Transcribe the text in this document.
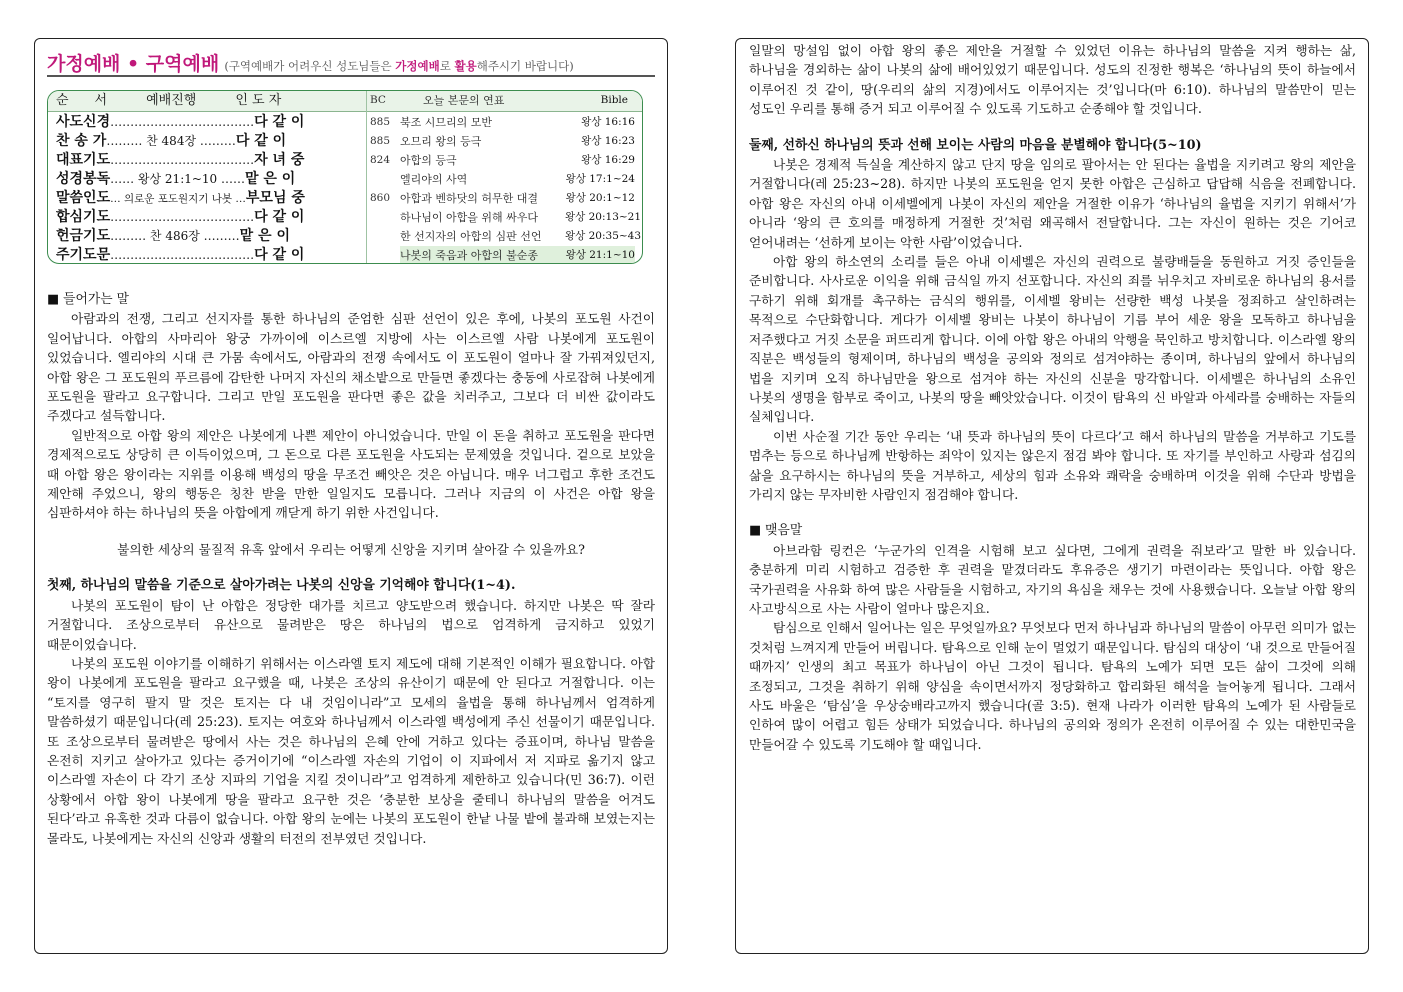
가정예배 • 구역예배 (구역예배가 어려우신 성도님들은 가정예배로 활용해주시기 바랍니다)
순　　서　　　예배진행　　　인 도 자	BC	오늘 본문의 연표	Bible
사도신경………………………………다 같 이	885 북조 시므리의 모반	왕상 16:16
찬 송 가……… 찬 484장 ………다 같 이	885 오므리 왕의 등극	왕상 16:23
대표기도………………………………자 녀 중	824 아합의 등극	왕상 16:29
성경봉독…… 왕상 21:1~10 ……맡 은 이	엘리야의 사역	왕상 17:1~24
말씀인도… 의로운 포도원지기 나봇 …부모님 중	860 아합과 벤하닷의 허무한 대결	왕상 20:1~12
합심기도………………………………다 같 이	하나님이 아합을 위해 싸우다	왕상 20:13~21
헌금기도……… 찬 486장 ………맡 은 이	한 선지자의 아합의 심판 선언	왕상 20:35~43
주기도문………………………………다 같 이	나봇의 죽음과 아합의 불순종	왕상 21:1~10
■ 들어가는 말

아람과의 전쟁, 그리고 선지자를 통한 하나님의 준엄한 심판 선언이 있은 후에, 나봇의 포도원 사건이 일어납니다. 아합의 사마리아 왕궁 가까이에 이스르엘 지방에 사는 이스르엘 사람 나봇에게 포도원이 있었습니다. 엘리야의 시대 큰 가뭄 속에서도, 아람과의 전쟁 속에서도 이 포도원이 얼마나 잘 가꿔져있던지, 아합 왕은 그 포도원의 푸르름에 감탄한 나머지 자신의 채소밭으로 만들면 좋겠다는 충동에 사로잡혀 나봇에게 포도원을 팔라고 요구합니다. 그리고 만일 포도원을 판다면 좋은 값을 치러주고, 그보다 더 비싼 값이라도 주겠다고 설득합니다.

일반적으로 아합 왕의 제안은 나봇에게 나쁜 제안이 아니었습니다. 만일 이 돈을 취하고 포도원을 판다면 경제적으로도 상당히 큰 이득이었으며, 그 돈으로 다른 포도원을 사도되는 문제였을 것입니다. 겉으로 보았을 때 아합 왕은 왕이라는 지위를 이용해 백성의 땅을 무조건 빼앗은 것은 아닙니다. 매우 너그럽고 후한 조건도 제안해 주었으니, 왕의 행동은 칭찬 받을 만한 일일지도 모릅니다. 그러나 지금의 이 사건은 아합 왕을 심판하셔야 하는 하나님의 뜻을 아합에게 깨닫게 하기 위한 사건입니다.

불의한 세상의 물질적 유혹 앞에서 우리는 어떻게 신앙을 지키며 살아갈 수 있을까요?

첫째, 하나님의 말씀을 기준으로 살아가려는 나봇의 신앙을 기억해야 합니다(1~4).

나봇의 포도원이 탐이 난 아합은 정당한 대가를 치르고 양도받으려 했습니다. 하지만 나봇은 딱 잘라 거절합니다. 조상으로부터 유산으로 물려받은 땅은 하나님의 법으로 엄격하게 금지하고 있었기 때문이었습니다.

나봇의 포도원 이야기를 이해하기 위해서는 이스라엘 토지 제도에 대해 기본적인 이해가 필요합니다. 아합 왕이 나봇에게 포도원을 팔라고 요구했을 때, 나봇은 조상의 유산이기 때문에 안 된다고 거절합니다. 이는 “토지를 영구히 팔지 말 것은 토지는 다 내 것임이니라”고 모세의 율법을 통해 하나님께서 엄격하게 말씀하셨기 때문입니다(레 25:23). 토지는 여호와 하나님께서 이스라엘 백성에게 주신 선물이기 때문입니다. 또 조상으로부터 물려받은 땅에서 사는 것은 하나님의 은혜 안에 거하고 있다는 증표이며, 하나님 말씀을 온전히 지키고 살아가고 있다는 증거이기에 “이스라엘 자손의 기업이 이 지파에서 저 지파로 옮기지 않고 이스라엘 자손이 다 각기 조상 지파의 기업을 지킬 것이니라”고 엄격하게 제한하고 있습니다(민 36:7). 이런 상황에서 아합 왕이 나봇에게 땅을 팔라고 요구한 것은 ‘충분한 보상을 줄테니 하나님의 말씀을 어겨도 된다’라고 유혹한 것과 다름이 없습니다. 아합 왕의 눈에는 나봇의 포도원이 한낱 나물 밭에 불과해 보였는지는 몰라도, 나봇에게는 자신의 신앙과 생활의 터전의 전부였던 것입니다.

일말의 망설임 없이 아합 왕의 좋은 제안을 거절할 수 있었던 이유는 하나님의 말씀을 지켜 행하는 삶, 하나님을 경외하는 삶이 나봇의 삶에 배어있었기 때문입니다. 성도의 진정한 행복은 ‘하나님의 뜻이 하늘에서 이루어진 것 같이, 땅(우리의 삶의 지경)에서도 이루어지는 것’입니다(마 6:10). 하나님의 말씀만이 믿는 성도인 우리를 통해 증거 되고 이루어질 수 있도록 기도하고 순종해야 할 것입니다.

둘째, 선하신 하나님의 뜻과 선해 보이는 사람의 마음을 분별해야 합니다(5~10)

나봇은 경제적 득실을 계산하지 않고 단지 땅을 임의로 팔아서는 안 된다는 율법을 지키려고 왕의 제안을 거절합니다(레 25:23~28). 하지만 나봇의 포도원을 얻지 못한 아합은 근심하고 답답해 식음을 전폐합니다. 아합 왕은 자신의 아내 이세벨에게 나봇이 자신의 제안을 거절한 이유가 ‘하나님의 율법을 지키기 위해서’가 아니라 ‘왕의 큰 호의를 매정하게 거절한 것’처럼 왜곡해서 전달합니다. 그는 자신이 원하는 것은 기어코 얻어내려는 ‘선하게 보이는 악한 사람’이었습니다.

아합 왕의 하소연의 소리를 들은 아내 이세벨은 자신의 권력으로 불량배들을 동원하고 거짓 증인들을 준비합니다. 사사로운 이익을 위해 금식일 까지 선포합니다. 자신의 죄를 뉘우치고 자비로운 하나님의 용서를 구하기 위해 회개를 촉구하는 금식의 행위를, 이세벨 왕비는 선량한 백성 나봇을 정죄하고 살인하려는 목적으로 수단화합니다. 게다가 이세벨 왕비는 나봇이 하나님이 기름 부어 세운 왕을 모독하고 하나님을 저주했다고 거짓 소문을 퍼뜨리게 합니다. 이에 아합 왕은 아내의 악행을 묵인하고 방치합니다. 이스라엘 왕의 직분은 백성들의 형제이며, 하나님의 백성을 공의와 정의로 섬겨야하는 종이며, 하나님의 앞에서 하나님의 법을 지키며 오직 하나님만을 왕으로 섬겨야 하는 자신의 신분을 망각합니다. 이세벨은 하나님의 소유인 나봇의 생명을 함부로 죽이고, 나봇의 땅을 빼앗았습니다. 이것이 탐욕의 신 바알과 아세라를 숭배하는 자들의 실체입니다.

이번 사순절 기간 동안 우리는 ‘내 뜻과 하나님의 뜻이 다르다’고 해서 하나님의 말씀을 거부하고 기도를 멈추는 등으로 하나님께 반항하는 죄악이 있지는 않은지 점검 봐야 합니다. 또 자기를 부인하고 사랑과 섬김의 삶을 요구하시는 하나님의 뜻을 거부하고, 세상의 힘과 소유와 쾌락을 숭배하며 이것을 위해 수단과 방법을 가리지 않는 무자비한 사람인지 점검해야 합니다.

■ 맺음말

아브라함 링컨은 ‘누군가의 인격을 시험해 보고 싶다면, 그에게 권력을 줘보라’고 말한 바 있습니다. 충분하게 미리 시험하고 검증한 후 권력을 맡겼더라도 후유증은 생기기 마련이라는 뜻입니다. 아합 왕은 국가권력을 사유화 하여 많은 사람들을 시험하고, 자기의 욕심을 채우는 것에 사용했습니다. 오늘날 아합 왕의 사고방식으로 사는 사람이 얼마나 많은지요.

탐심으로 인해서 일어나는 일은 무엇일까요? 무엇보다 먼저 하나님과 하나님의 말씀이 아무런 의미가 없는 것처럼 느껴지게 만들어 버립니다. 탐욕으로 인해 눈이 멀었기 때문입니다. 탐심의 대상이 ‘내 것으로 만들어질 때까지’ 인생의 최고 목표가 하나님이 아닌 그것이 됩니다. 탐욕의 노예가 되면 모든 삶이 그것에 의해 조정되고, 그것을 취하기 위해 양심을 속이면서까지 정당화하고 합리화된 해석을 늘어놓게 됩니다. 그래서 사도 바울은 ‘탐심’을 우상숭배라고까지 했습니다(골 3:5). 현재 나라가 이러한 탐욕의 노예가 된 사람들로 인하여 많이 어렵고 힘든 상태가 되었습니다. 하나님의 공의와 정의가 온전히 이루어질 수 있는 대한민국을 만들어갈 수 있도록 기도해야 할 때입니다.
